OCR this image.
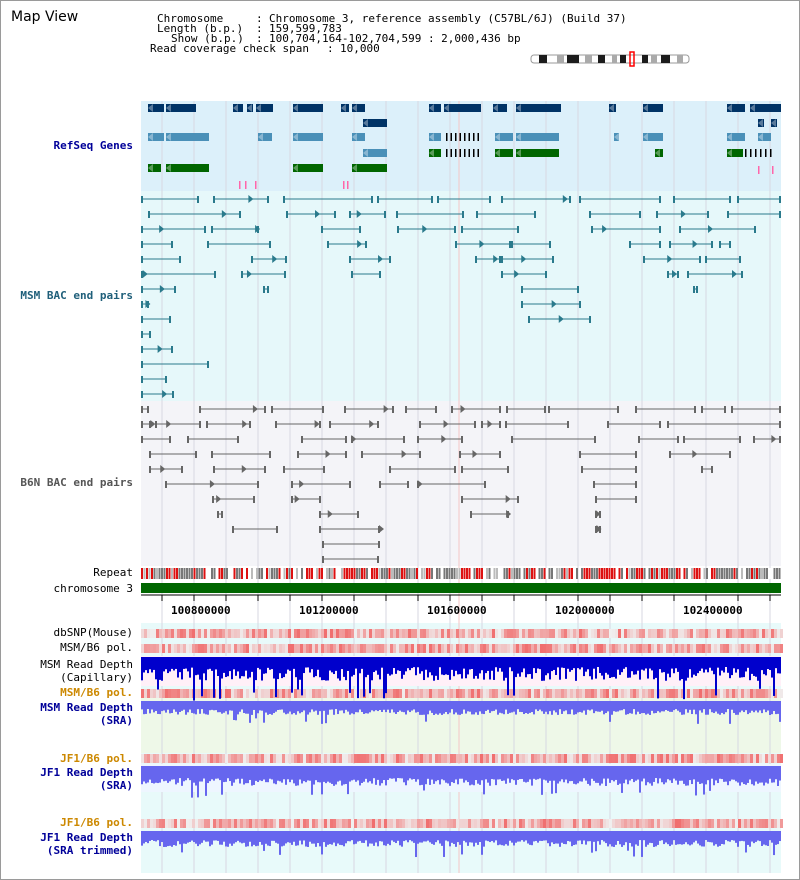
Map View	Chromosome	: Chromosome 3, reference assembly (C57BL/6J) (Build 37)
Length (b.p.) : 159,599,783
Show (b.p.) : 100,704,164-102,704,599 : 2,000,436 bp
Read coverage check span : 10,000
RefSeq Genes
MSM BAC end pairs
B6N BAC end pairs
Repeat
chromosome 3
dbSNP(Mouse)
MSM/B6 pol.
MSM Read Depth
(Capillary)
MSM/B6 pol.
MSM Read Depth
(SRA)
JF1/B6 pol.
JF1 Read Depth
(SRA)
JF1/B6 pol.
JF1 Read Depth
(SRA trimmed)
100800000	101200000	101600000	102000000	102400000
